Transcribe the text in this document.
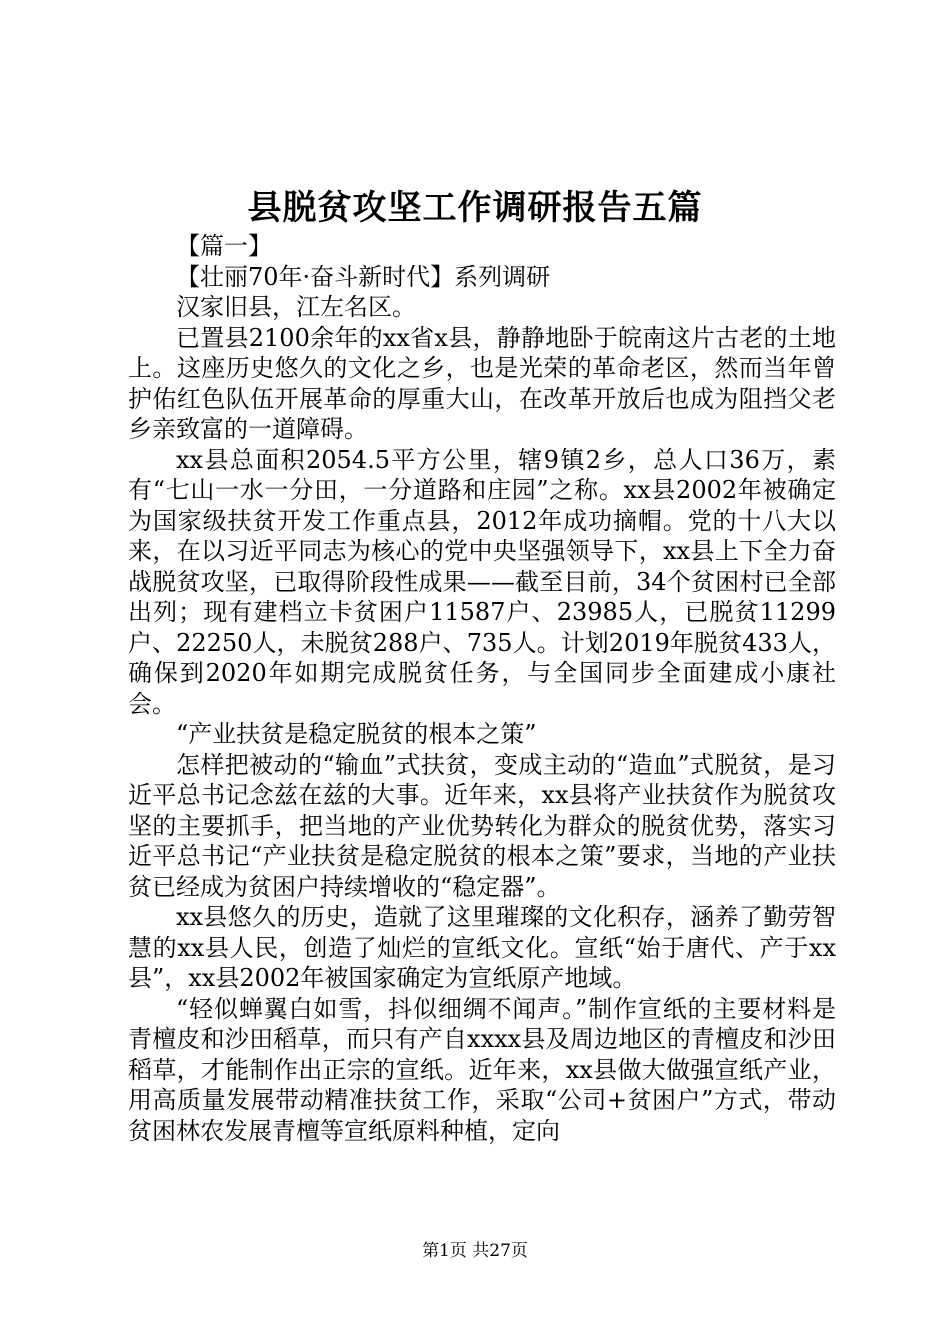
县脱贫攻坚工作调研报告五篇

【篇一】

【壮丽70年·奋斗新时代】系列调研

汉家旧县，江左名区。

已置县2100余年的xx省x县，静静地卧于皖南这片古老的土地上。这座历史悠久的文化之乡，也是光荣的革命老区，然而当年曾护佑红色队伍开展革命的厚重大山，在改革开放后也成为阻挡父老乡亲致富的一道障碍。

xx县总面积2054.5平方公里，辖9镇2乡，总人口36万，素有“七山一水一分田，一分道路和庄园”之称。xx县2002年被确定为国家级扶贫开发工作重点县，2012年成功摘帽。党的十八大以来，在以习近平同志为核心的党中央坚强领导下，xx县上下全力奋战脱贫攻坚，已取得阶段性成果——截至目前，34个贫困村已全部出列；现有建档立卡贫困户11587户、23985人，已脱贫11299户、22250人，未脱贫288户、735人。计划2019年脱贫433人，确保到2020年如期完成脱贫任务，与全国同步全面建成小康社会。

“产业扶贫是稳定脱贫的根本之策”

怎样把被动的“输血”式扶贫，变成主动的“造血”式脱贫，是习近平总书记念兹在兹的大事。近年来，xx县将产业扶贫作为脱贫攻坚的主要抓手，把当地的产业优势转化为群众的脱贫优势，落实习近平总书记“产业扶贫是稳定脱贫的根本之策”要求，当地的产业扶贫已经成为贫困户持续增收的“稳定器”。

xx县悠久的历史，造就了这里璀璨的文化积存，涵养了勤劳智慧的xx县人民，创造了灿烂的宣纸文化。宣纸“始于唐代、产于xx县”，xx县2002年被国家确定为宣纸原产地域。

“轻似蝉翼白如雪，抖似细绸不闻声。”制作宣纸的主要材料是青檀皮和沙田稻草，而只有产自xxxx县及周边地区的青檀皮和沙田稻草，才能制作出正宗的宣纸。近年来，xx县做大做强宣纸产业，用高质量发展带动精准扶贫工作，采取“公司+贫困户”方式，带动贫困林农发展青檀等宣纸原料种植，定向

第1页 共27页
